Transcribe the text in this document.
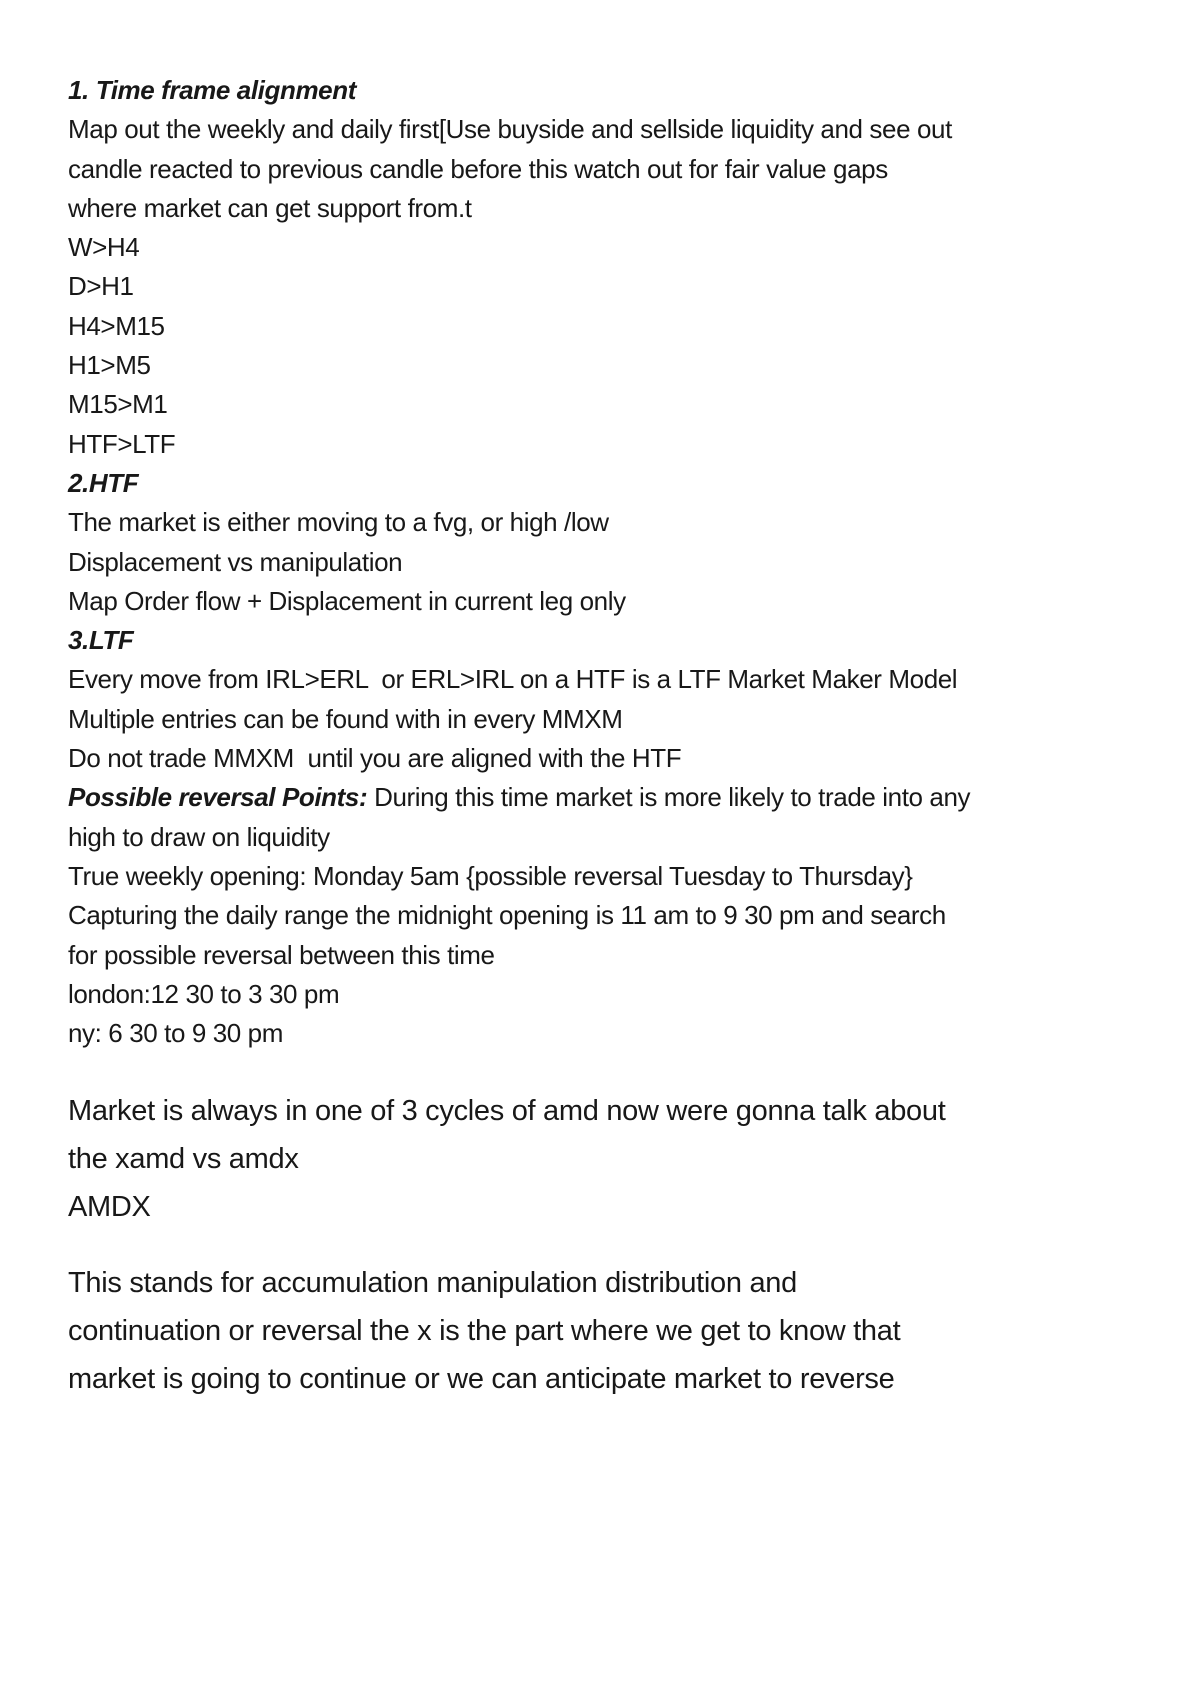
1. Time frame alignment
Map out the weekly and daily first[Use buyside and sellside liquidity and see out
candle reacted to previous candle before this watch out for fair value gaps
where market can get support from.t
W>H4
D>H1
H4>M15
H1>M5
M15>M1
HTF>LTF
2.HTF
The market is either moving to a fvg, or high /low
Displacement vs manipulation
Map Order flow + Displacement in current leg only
3.LTF
Every move from IRL>ERL  or ERL>IRL on a HTF is a LTF Market Maker Model
Multiple entries can be found with in every MMXM
Do not trade MMXM  until you are aligned with the HTF
Possible reversal Points: During this time market is more likely to trade into any
high to draw on liquidity
True weekly opening: Monday 5am {possible reversal Tuesday to Thursday}
Capturing the daily range the midnight opening is 11 am to 9 30 pm and search
for possible reversal between this time
london:12 30 to 3 30 pm
ny: 6 30 to 9 30 pm
Market is always in one of 3 cycles of amd now were gonna talk about
the xamd vs amdx
AMDX
This stands for accumulation manipulation distribution and
continuation or reversal the x is the part where we get to know that
market is going to continue or we can anticipate market to reverse
